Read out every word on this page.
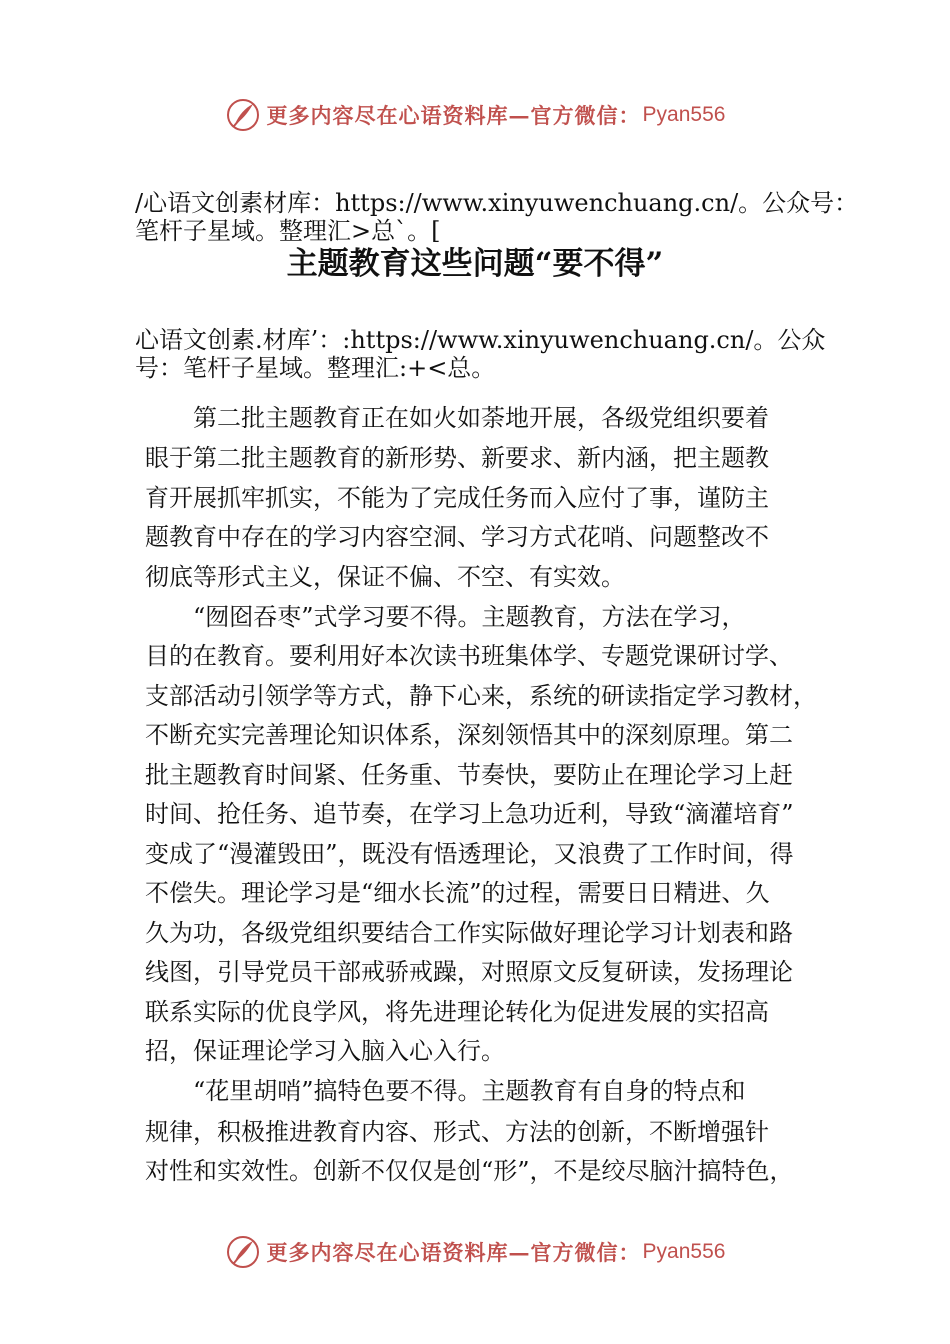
更多内容尽在心语资料库—官方微信： Pyan556
/心语文创素材库：https://www.xinyuwenchuang.cn/。公众号：
笔杆子星域。整理汇>总`。[
主题教育这些问题“要不得”
心语文创素.材库’：:https://www.xinyuwenchuang.cn/。公众
号：笔杆子星域。整理汇:+<总。
　　第二批主题教育正在如火如荼地开展，各级党组织要着
眼于第二批主题教育的新形势、新要求、新内涵，把主题教
育开展抓牢抓实，不能为了完成任务而入应付了事，谨防主
题教育中存在的学习内容空洞、学习方式花哨、问题整改不
彻底等形式主义，保证不偏、不空、有实效。
　　“囫囵吞枣”式学习要不得。主题教育，方法在学习，
目的在教育。要利用好本次读书班集体学、专题党课研讨学、
支部活动引领学等方式，静下心来，系统的研读指定学习教材，
不断充实完善理论知识体系，深刻领悟其中的深刻原理。第二
批主题教育时间紧、任务重、节奏快，要防止在理论学习上赶
时间、抢任务、追节奏，在学习上急功近利，导致“滴灌培育”
变成了“漫灌毁田”，既没有悟透理论，又浪费了工作时间，得
不偿失。理论学习是“细水长流”的过程，需要日日精进、久
久为功，各级党组织要结合工作实际做好理论学习计划表和路
线图，引导党员干部戒骄戒躁，对照原文反复研读，发扬理论
联系实际的优良学风，将先进理论转化为促进发展的实招高
招，保证理论学习入脑入心入行。
　　“花里胡哨”搞特色要不得。主题教育有自身的特点和
规律，积极推进教育内容、形式、方法的创新，不断增强针
对性和实效性。创新不仅仅是创“形”，不是绞尽脑汁搞特色，
更多内容尽在心语资料库—官方微信： Pyan556
